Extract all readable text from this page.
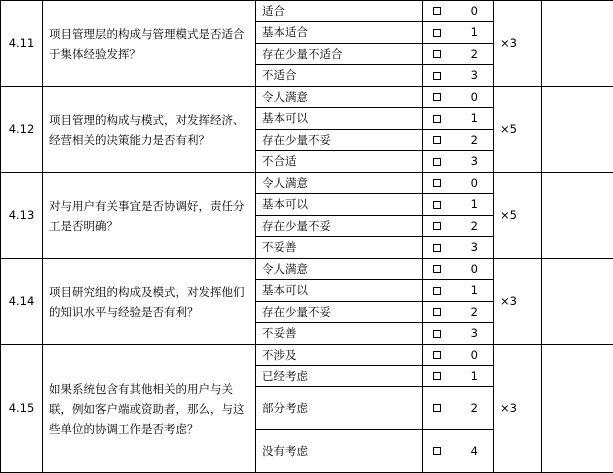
4.11	项目管理层的构成与管理模式是否适合于集体经验发挥？	适合	0	×3	
		基本适合	1		

		存在少量不适合	2		

		不适合	3		

4.12	项目管理的构成与模式，对发挥经济、经营相关的决策能力是否有利？	令人满意	0	×5	
		基本可以	1		

		存在少量不妥	2		

		不合适	3		

4.13	对与用户有关事宜是否协调好，责任分工是否明确？	令人满意	0	×5	
		基本可以	1		

		存在少量不妥	2		

		不妥善	3		

4.14	项目研究组的构成及模式，对发挥他们的知识水平与经验是否有利？	令人满意	0	×3	
		基本可以	1		

		存在少量不妥	2		

		不妥善	3		

4.15	如果系统包含有其他相关的用户与关联，例如客户端或资助者，那么，与这些单位的协调工作是否考虑？	不涉及	0	×3	
		已经考虑	1		

		部分考虑	2		

		没有考虑	4		
